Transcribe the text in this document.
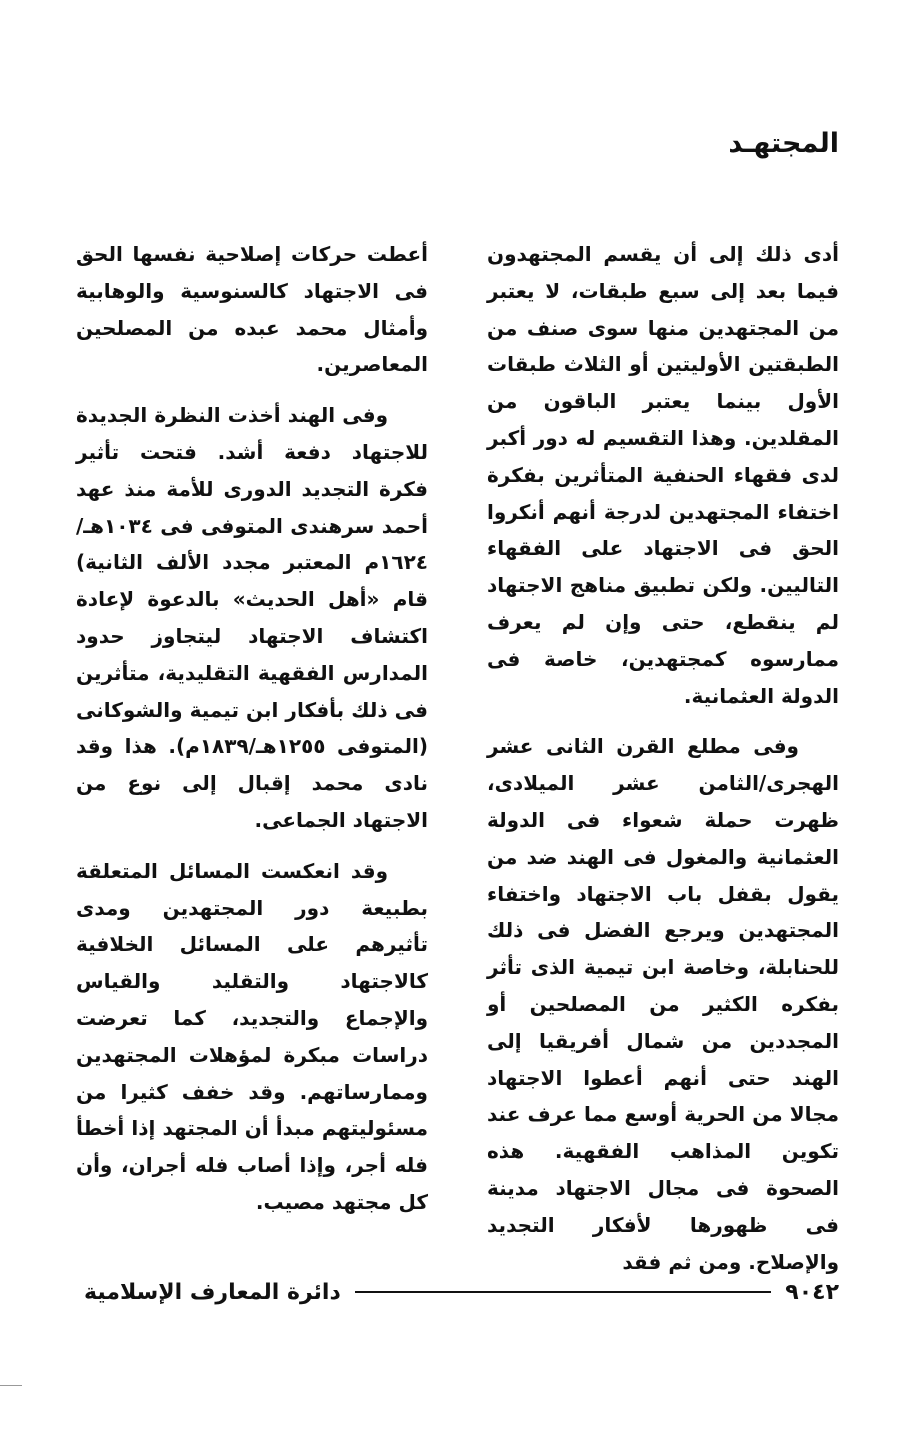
المجتهـد

أدى ذلك إلى أن يقسم المجتهدون فيما بعد إلى سبع طبقات، لا يعتبر من المجتهدين منها سوى صنف من الطبقتين الأوليتين أو الثلاث طبقات الأول بينما يعتبر الباقون من المقلدين. وهذا التقسيم له دور أكبر لدى فقهاء الحنفية المتأثرين بفكرة اختفاء المجتهدين لدرجة أنهم أنكروا الحق فى الاجتهاد على الفقهاء التاليين. ولكن تطبيق مناهج الاجتهاد لم ينقطع، حتى وإن لم يعرف ممارسوه كمجتهدين، خاصة فى الدولة العثمانية.

وفى مطلع القرن الثانى عشر الهجرى/الثامن عشر الميلادى، ظهرت حملة شعواء فى الدولة العثمانية والمغول فى الهند ضد من يقول بقفل باب الاجتهاد واختفاء المجتهدين ويرجع الفضل فى ذلك للحنابلة، وخاصة ابن تيمية الذى تأثر بفكره الكثير من المصلحين أو المجددين من شمال أفريقيا إلى الهند حتى أنهم أعطوا الاجتهاد مجالا من الحرية أوسع مما عرف عند تكوين المذاهب الفقهية. هذه الصحوة فى مجال الاجتهاد مدينة فى ظهورها لأفكار التجديد والإصلاح. ومن ثم فقد

أعطت حركات إصلاحية نفسها الحق فى الاجتهاد كالسنوسية والوهابية وأمثال محمد عبده من المصلحين المعاصرين.

وفى الهند أخذت النظرة الجديدة للاجتهاد دفعة أشد. فتحت تأثير فكرة التجديد الدورى للأمة منذ عهد أحمد سرهندى المتوفى فى ١٠٣٤هـ/١٦٢٤م المعتبر مجدد الألف الثانية) قام «أهل الحديث» بالدعوة لإعادة اكتشاف الاجتهاد ليتجاوز حدود المدارس الفقهية التقليدية، متأثرين فى ذلك بأفكار ابن تيمية والشوكانى (المتوفى ١٢٥٥هـ/١٨٣٩م). هذا وقد نادى محمد إقبال إلى نوع من الاجتهاد الجماعى.

وقد انعكست المسائل المتعلقة بطبيعة دور المجتهدين ومدى تأثيرهم على المسائل الخلافية كالاجتهاد والتقليد والقياس والإجماع والتجديد، كما تعرضت دراسات مبكرة لمؤهلات المجتهدين وممارساتهم. وقد خفف كثيرا من مسئوليتهم مبدأ أن المجتهد إذا أخطأ فله أجر، وإذا أصاب فله أجران، وأن كل مجتهد مصيب.

٩٠٤٢
دائرة المعارف الإسلامية
